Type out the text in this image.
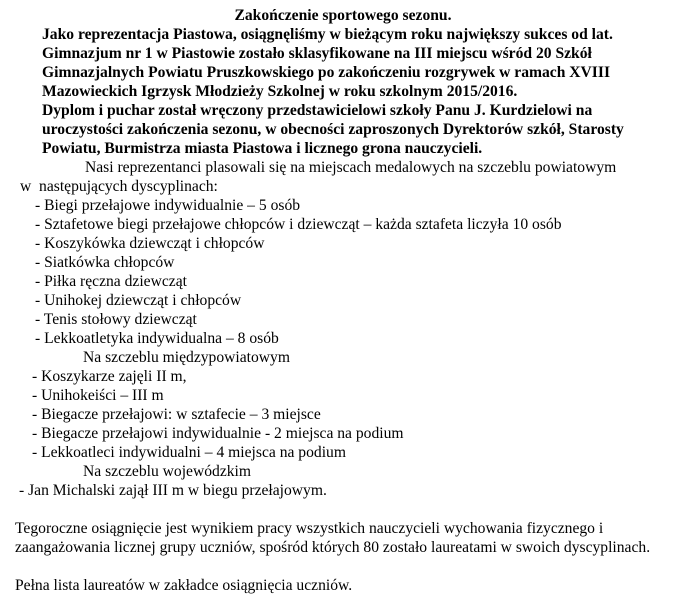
Zakończenie sportowego sezonu.
Jako reprezentacja Piastowa, osiągnęliśmy w bieżącym roku największy sukces od lat.
Gimnazjum nr 1 w Piastowie zostało sklasyfikowane na III miejscu wśród 20 Szkół
Gimnazjalnych Powiatu Pruszkowskiego po zakończeniu rozgrywek w ramach XVIII
Mazowieckich Igrzysk Młodzieży Szkolnej w roku szkolnym 2015/2016.
Dyplom i puchar został wręczony przedstawicielowi szkoły Panu J. Kurdzielowi na
uroczystości zakończenia sezonu, w obecności zaproszonych Dyrektorów szkół, Starosty
Powiatu, Burmistrza miasta Piastowa i licznego grona nauczycieli.
Nasi reprezentanci plasowali się na miejscach medalowych na szczeblu powiatowym
w  następujących dyscyplinach:
- Biegi przełajowe indywidualnie – 5 osób
- Sztafetowe biegi przełajowe chłopców i dziewcząt – każda sztafeta liczyła 10 osób
- Koszykówka dziewcząt i chłopców
- Siatkówka chłopców
- Piłka ręczna dziewcząt
- Unihokej dziewcząt i chłopców
- Tenis stołowy dziewcząt
- Lekkoatletyka indywidualna – 8 osób
Na szczeblu międzypowiatowym
- Koszykarze zajęli II m,
- Unihokeiści – III m
- Biegacze przełajowi: w sztafecie – 3 miejsce
- Biegacze przełajowi indywidualnie - 2 miejsca na podium
- Lekkoatleci indywidualni – 4 miejsca na podium
Na szczeblu wojewódzkim
- Jan Michalski zajął III m w biegu przełajowym.
Tegoroczne osiągnięcie jest wynikiem pracy wszystkich nauczycieli wychowania fizycznego i
zaangażowania licznej grupy uczniów, spośród których 80 zostało laureatami w swoich dyscyplinach.
Pełna lista laureatów w zakładce osiągnięcia uczniów.
